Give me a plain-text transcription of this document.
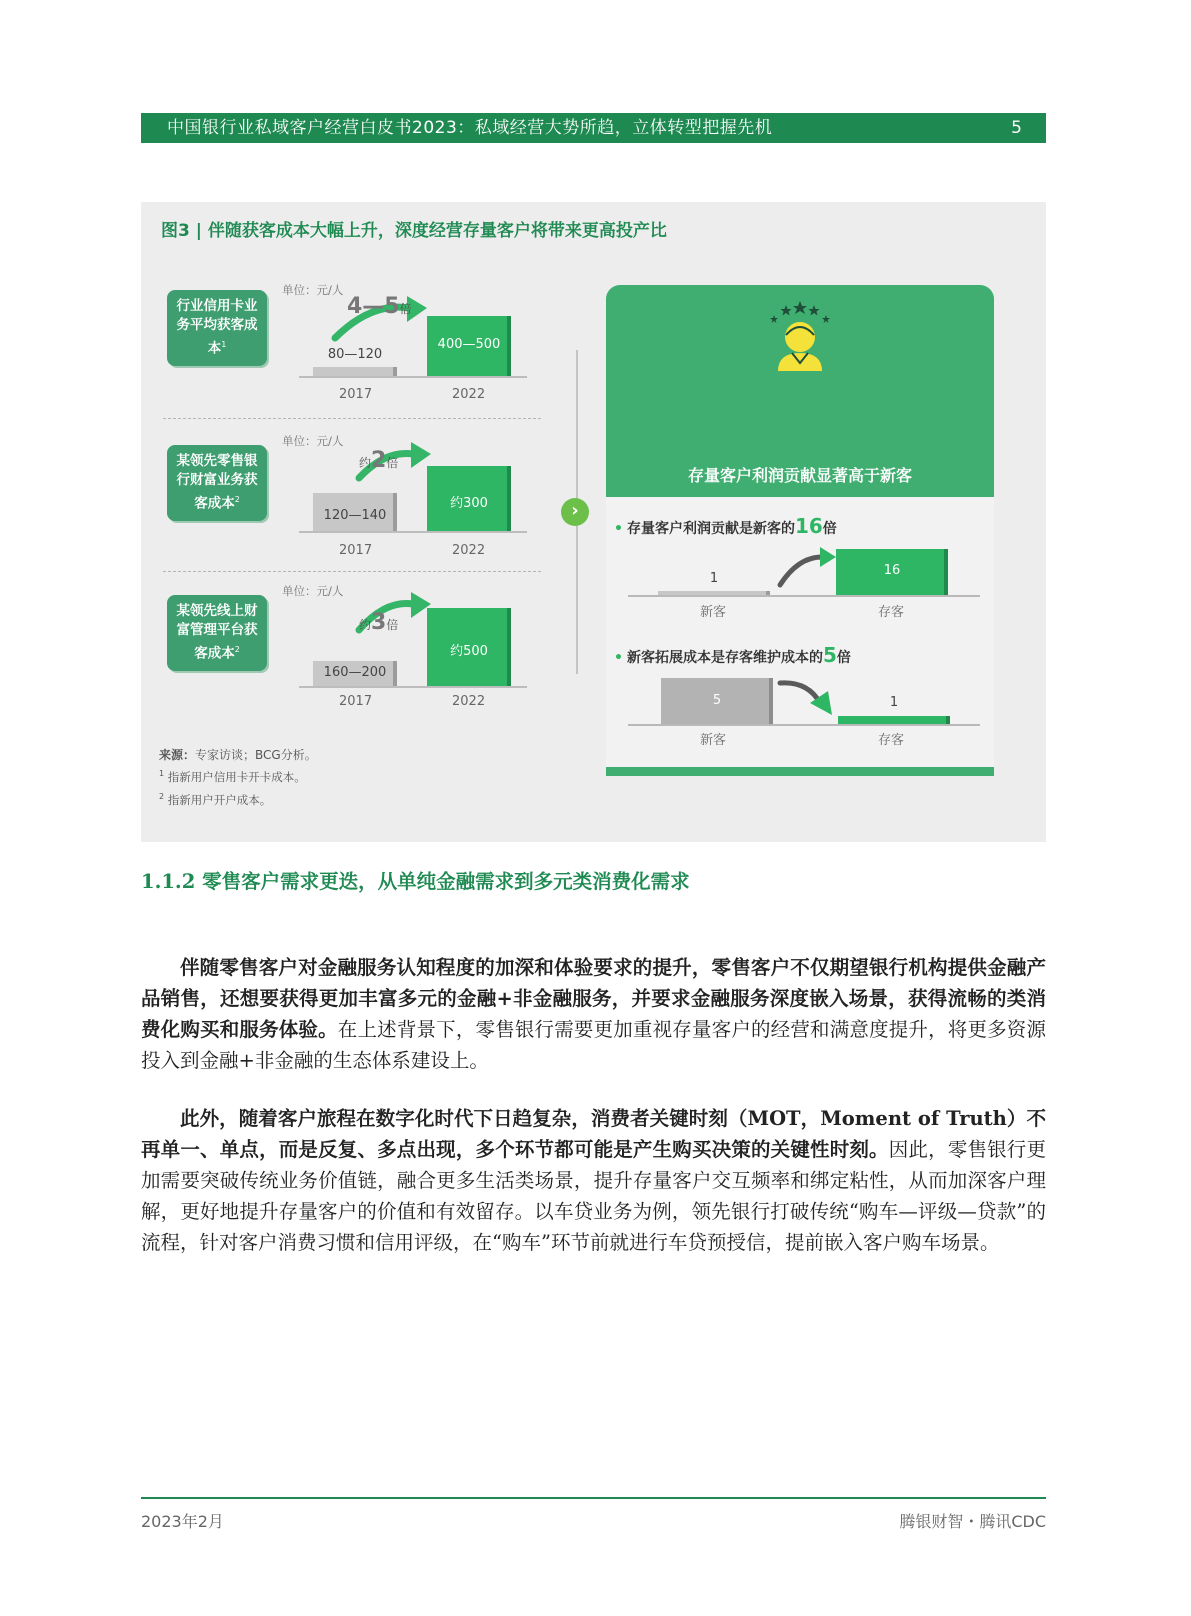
中国银行业私域客户经营白皮书2023：私域经营大势所趋，立体转型把握先机	5
图3 | 伴随获客成本大幅上升，深度经营存量客户将带来更高投产比
行业信用卡业务平均获客成本$^1$
单位：元/人
4—5倍
80—120
400—500
2017	2022
某领先零售银行财富业务获客成本$^2$
单位：元/人
约2倍
120—140
约300
2017	2022
某领先线上财富管理平台获客成本$^2$
单位：元/人
约3倍
160—200
约500
2017	2022
›
存量客户利润贡献显著高于新客
• 存量客户利润贡献是新客的16倍
1
16
新客	存客
• 新客拓展成本是存客维护成本的5倍
5	1
新客	存客
来源：专家访谈；BCG分析。
$^1$ 指新用户信用卡开卡成本。
$^2$ 指新用户开户成本。
1.1.2 零售客户需求更迭，从单纯金融需求到多元类消费化需求

伴随零售客户对金融服务认知程度的加深和体验要求的提升，零售客户不仅期望银行机构提供金融产品销售，还想要获得更加丰富多元的金融+非金融服务，并要求金融服务深度嵌入场景，获得流畅的类消费化购买和服务体验。在上述背景下，零售银行需要更加重视存量客户的经营和满意度提升，将更多资源投入到金融+非金融的生态体系建设上。

此外，随着客户旅程在数字化时代下日趋复杂，消费者关键时刻（MOT，Moment of Truth）不再单一、单点，而是反复、多点出现，多个环节都可能是产生购买决策的关键性时刻。因此，零售银行更加需要突破传统业务价值链，融合更多生活类场景，提升存量客户交互频率和绑定粘性，从而加深客户理解，更好地提升存量客户的价值和有效留存。以车贷业务为例，领先银行打破传统“购车—评级—贷款”的流程，针对客户消费习惯和信用评级，在“购车”环节前就进行车贷预授信，提前嵌入客户购车场景。

2023年2月	腾银财智・腾讯CDC
